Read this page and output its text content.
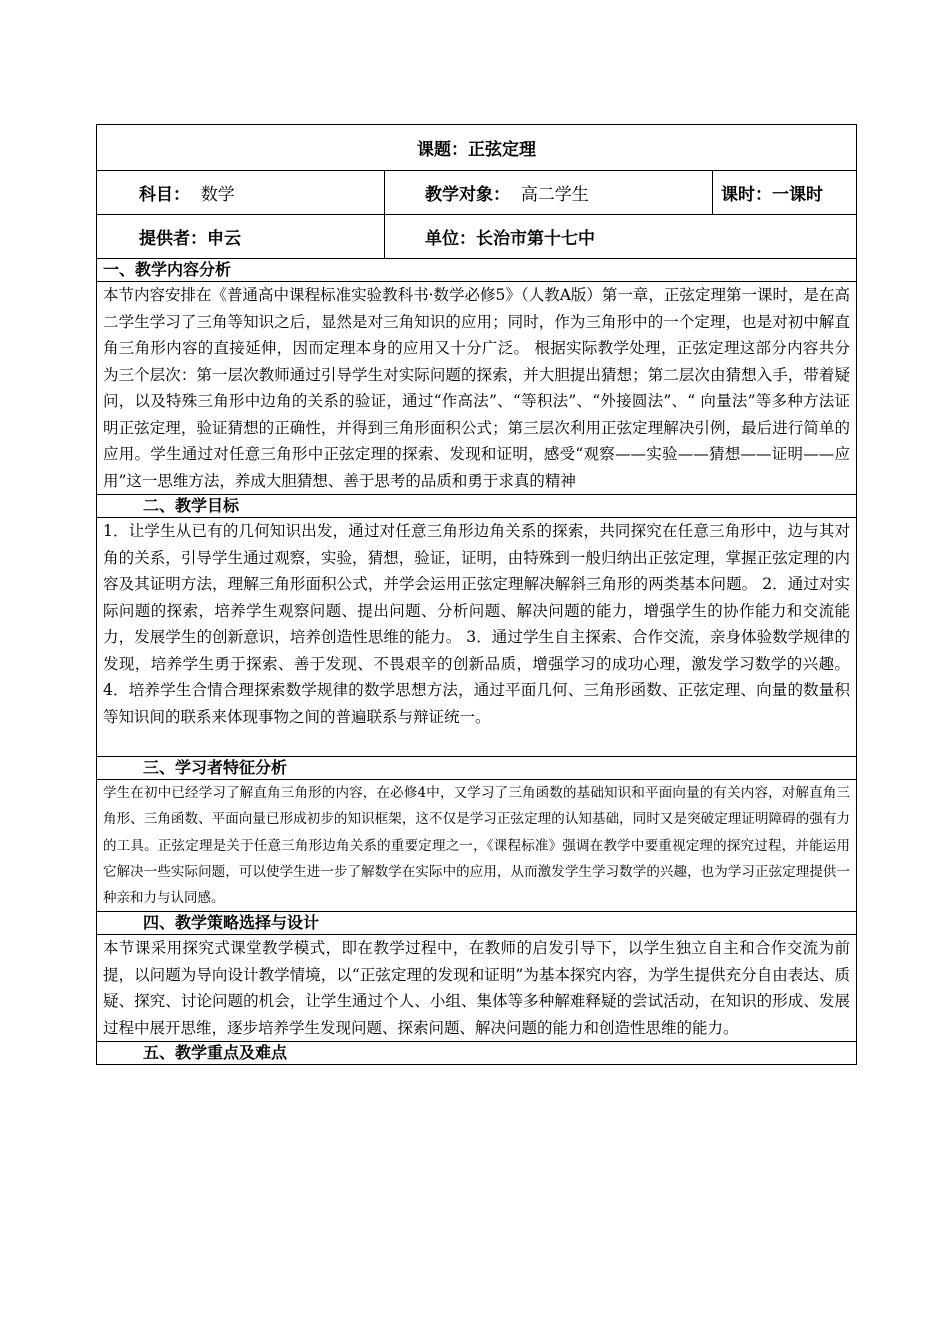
课题：正弦定理		
科目： 数学	教学对象： 高二学生	课时：一课时
提供者：申云	单位：长治市第十七中	
一、教学内容分析		
本节内容安排在《普通高中课程标准实验教科书·数学必修5》（人教A版）第一章，正弦定理第一课时，是在高二学生学习了三角等知识之后，显然是对三角知识的应用；同时，作为三角形中的一个定理，也是对初中解直角三角形内容的直接延伸，因而定理本身的应用又十分广泛。 根据实际教学处理，正弦定理这部分内容共分为三个层次：第一层次教师通过引导学生对实际问题的探索，并大胆提出猜想；第二层次由猜想入手，带着疑问，以及特殊三角形中边角的关系的验证，通过“作高法”、“等积法”、“外接圆法”、“ 向量法”等多种方法证明正弦定理，验证猜想的正确性，并得到三角形面积公式；第三层次利用正弦定理解决引例，最后进行简单的应用。学生通过对任意三角形中正弦定理的探索、发现和证明，感受“观察——实验——猜想——证明——应用”这一思维方法，养成大胆猜想、善于思考的品质和勇于求真的精神		
二、教学目标		
1．让学生从已有的几何知识出发，通过对任意三角形边角关系的探索，共同探究在任意三角形中，边与其对角的关系，引导学生通过观察，实验，猜想，验证，证明，由特殊到一般归纳出正弦定理，掌握正弦定理的内容及其证明方法，理解三角形面积公式，并学会运用正弦定理解决解斜三角形的两类基本问题。 2．通过对实际问题的探索，培养学生观察问题、提出问题、分析问题、解决问题的能力，增强学生的协作能力和交流能力，发展学生的创新意识，培养创造性思维的能力。 3．通过学生自主探索、合作交流，亲身体验数学规律的发现，培养学生勇于探索、善于发现、不畏艰辛的创新品质，增强学习的成功心理，激发学习数学的兴趣。 4．培养学生合情合理探索数学规律的数学思想方法，通过平面几何、三角形函数、正弦定理、向量的数量积等知识间的联系来体现事物之间的普遍联系与辩证统一。		
三、学习者特征分析		
学生在初中已经学习了解直角三角形的内容，在必修4中，又学习了三角函数的基础知识和平面向量的有关内容，对解直角三角形、三角函数、平面向量已形成初步的知识框架，这不仅是学习正弦定理的认知基础，同时又是突破定理证明障碍的强有力的工具。正弦定理是关于任意三角形边角关系的重要定理之一，《课程标准》强调在教学中要重视定理的探究过程，并能运用它解决一些实际问题，可以使学生进一步了解数学在实际中的应用，从而激发学生学习数学的兴趣，也为学习正弦定理提供一种亲和力与认同感。		
四、教学策略选择与设计		
本节课采用探究式课堂教学模式，即在教学过程中，在教师的启发引导下，以学生独立自主和合作交流为前提，以问题为导向设计教学情境，以“正弦定理的发现和证明”为基本探究内容，为学生提供充分自由表达、质疑、探究、讨论问题的机会，让学生通过个人、小组、集体等多种解难释疑的尝试活动，在知识的形成、发展过程中展开思维，逐步培养学生发现问题、探索问题、解决问题的能力和创造性思维的能力。		
五、教学重点及难点		
